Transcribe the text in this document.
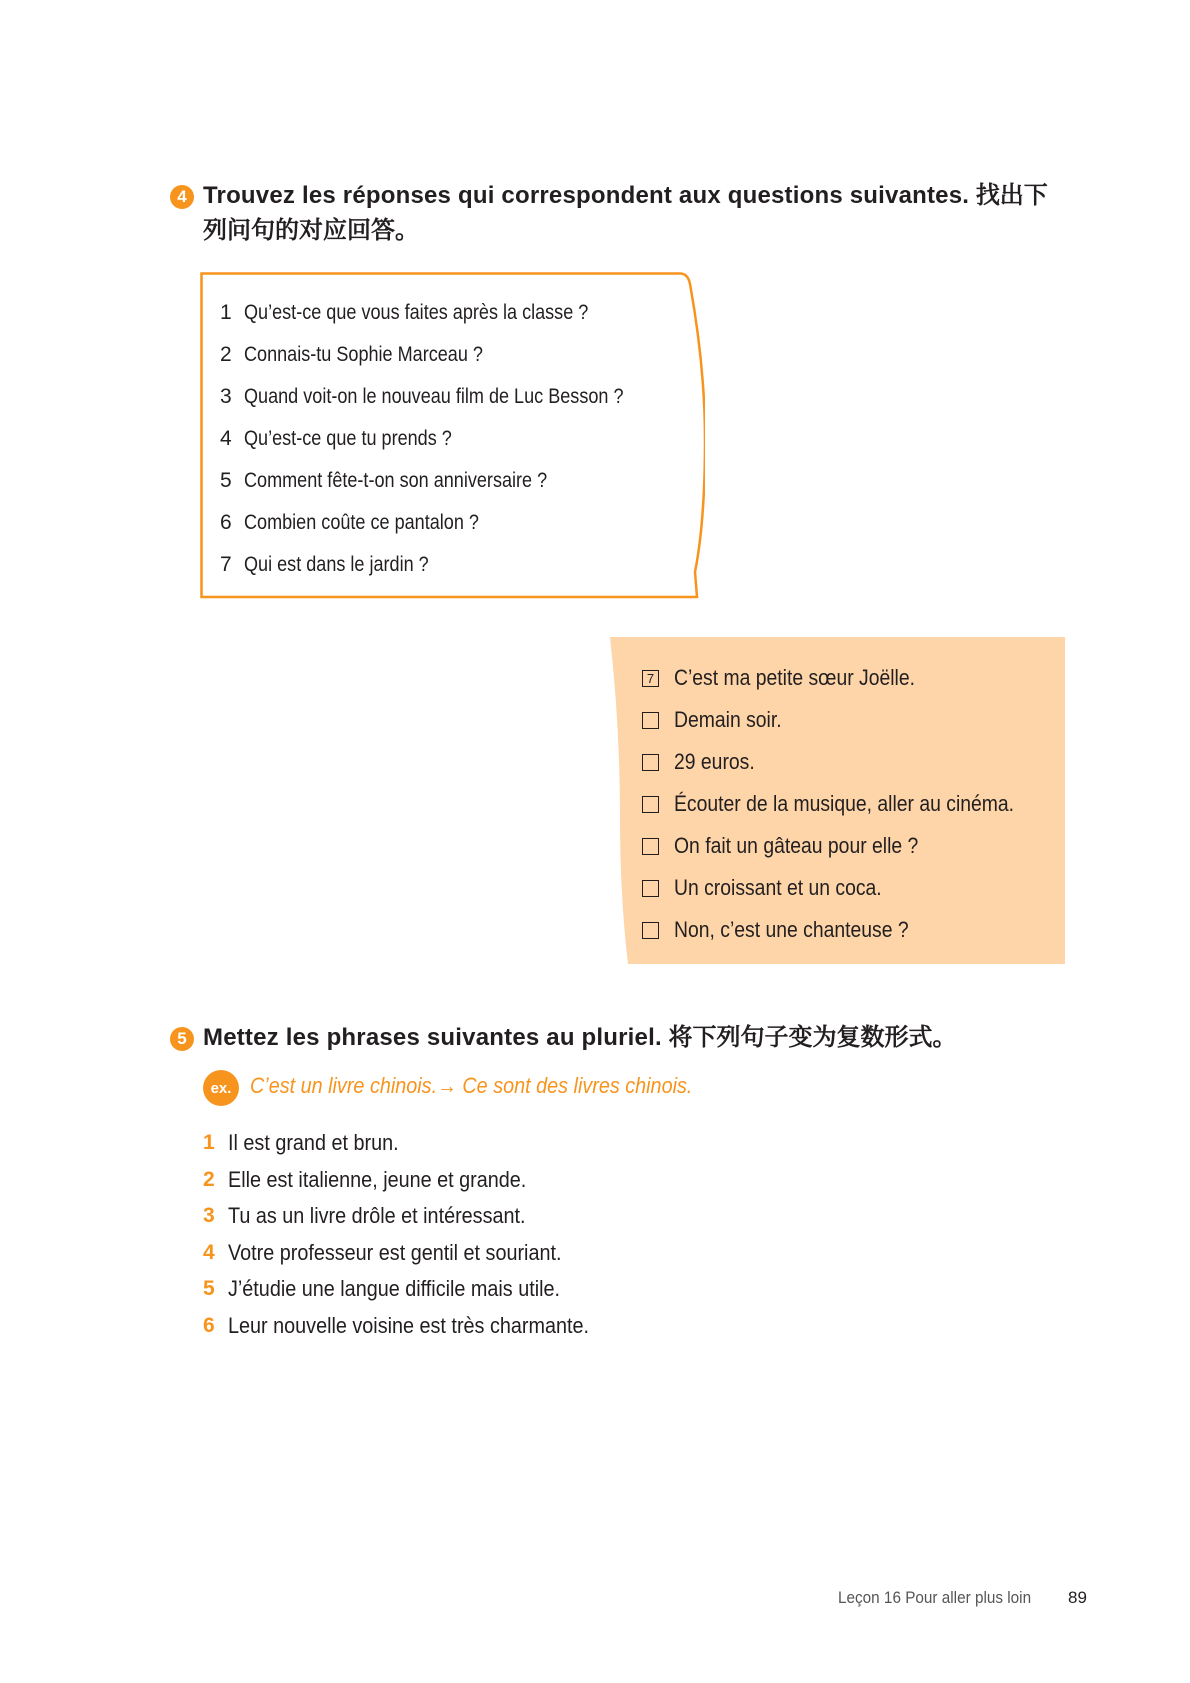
4 Trouvez les réponses qui correspondent aux questions suivantes. 找出下
列问句的对应回答。
1 Qu’est-ce que vous faites après la classe ?
2 Connais-tu Sophie Marceau ?
3 Quand voit-on le nouveau film de Luc Besson ?
4 Qu’est-ce que tu prends ?
5 Comment fête-t-on son anniversaire ?
6 Combien coûte ce pantalon ?
7 Qui est dans le jardin ?
7 C’est ma petite sœur Joëlle.
Demain soir.
29 euros.
Écouter de la musique, aller au cinéma.
On fait un gâteau pour elle ?
Un croissant et un coca.
Non, c’est une chanteuse ?
5 Mettez les phrases suivantes au pluriel. 将下列句子变为复数形式。
ex. C’est un livre chinois.→ Ce sont des livres chinois.
1 Il est grand et brun.
2 Elle est italienne, jeune et grande.
3 Tu as un livre drôle et intéressant.
4 Votre professeur est gentil et souriant.
5 J’étudie une langue difficile mais utile.
6 Leur nouvelle voisine est très charmante.
Leçon 16 Pour aller plus loin 89
